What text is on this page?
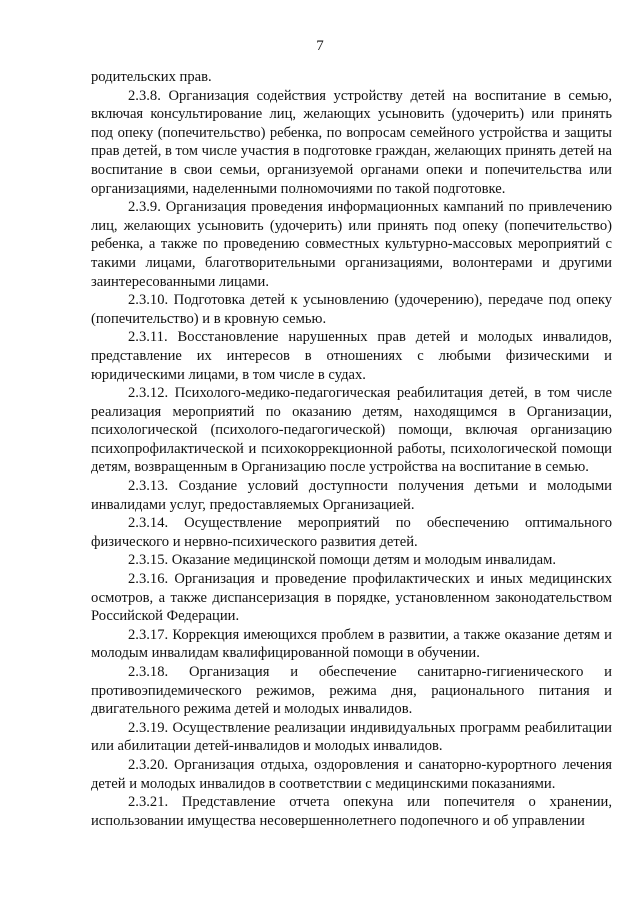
7

родительских прав.

2.3.8. Организация содействия устройству детей на воспитание в семью, включая консультирование лиц, желающих усыновить (удочерить) или принять под опеку (попечительство) ребенка, по вопросам семейного устройства и защиты прав детей, в том числе участия в подготовке граждан, желающих принять детей на воспитание в свои семьи, организуемой органами опеки и попечительства или организациями, наделенными полномочиями по такой подготовке.

2.3.9. Организация проведения информационных кампаний по привлечению лиц, желающих усыновить (удочерить) или принять под опеку (попечительство) ребенка, а также по проведению совместных культурно-массовых мероприятий с такими лицами, благотворительными организациями, волонтерами и другими заинтересованными лицами.

2.3.10. Подготовка детей к усыновлению (удочерению), передаче под опеку (попечительство) и в кровную семью.

2.3.11. Восстановление нарушенных прав детей и молодых инвалидов, представление их интересов в отношениях с любыми физическими и юридическими лицами, в том числе в судах.

2.3.12. Психолого-медико-педагогическая реабилитация детей, в том числе реализация мероприятий по оказанию детям, находящимся в Организации, психологической (психолого-педагогической) помощи, включая организацию психопрофилактической и психокоррекционной работы, психологической помощи детям, возвращенным в Организацию после устройства на воспитание в семью.

2.3.13. Создание условий доступности получения детьми и молодыми инвалидами услуг, предоставляемых Организацией.

2.3.14. Осуществление мероприятий по обеспечению оптимального физического и нервно-психического развития детей.

2.3.15. Оказание медицинской помощи детям и молодым инвалидам.

2.3.16. Организация и проведение профилактических и иных медицинских осмотров, а также диспансеризация в порядке, установленном законодательством Российской Федерации.

2.3.17. Коррекция имеющихся проблем в развитии, а также оказание детям и молодым инвалидам квалифицированной помощи в обучении.

2.3.18. Организация и обеспечение санитарно-гигиенического и противоэпидемического режимов, режима дня, рационального питания и двигательного режима детей и молодых инвалидов.

2.3.19. Осуществление реализации индивидуальных программ реабилитации или абилитации детей-инвалидов и молодых инвалидов.

2.3.20. Организация отдыха, оздоровления и санаторно-курортного лечения детей и молодых инвалидов в соответствии с медицинскими показаниями.

2.3.21. Представление отчета опекуна или попечителя о хранении, использовании имущества несовершеннолетнего подопечного и об управлении
